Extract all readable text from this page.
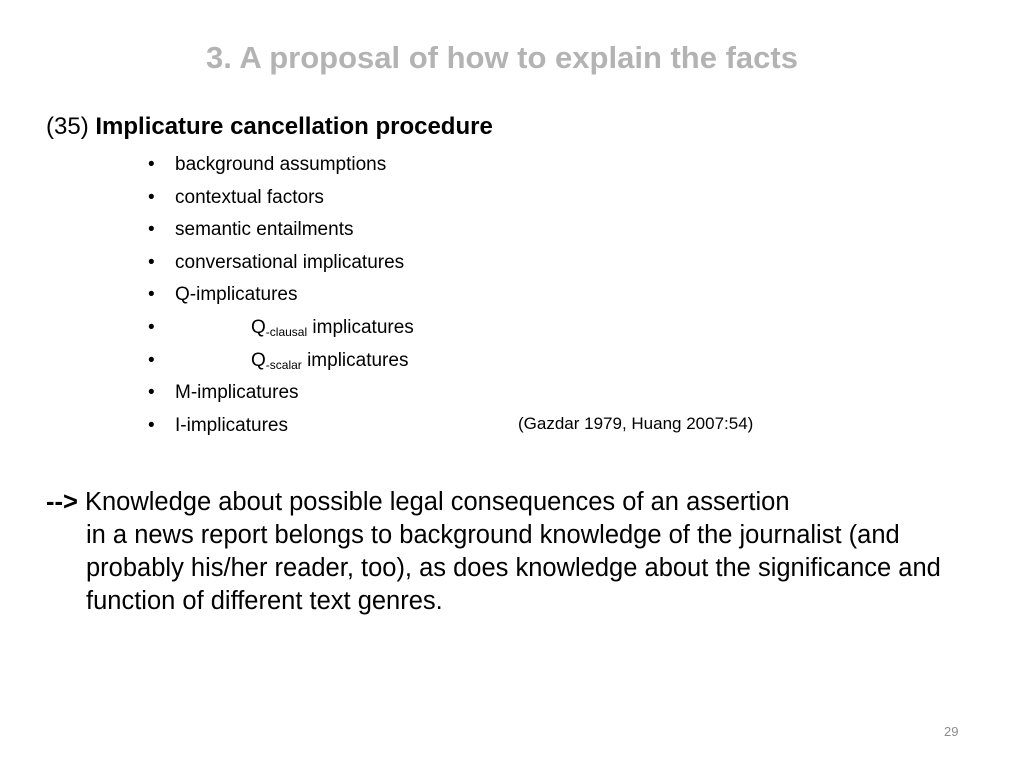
3. A proposal of how to explain the facts
(35) Implicature cancellation procedure
• background assumptions
• contextual factors
• semantic entailments
• conversational implicatures
• Q-implicatures
•	$Q_{-clausal}$ implicatures
•	$Q_{-scalar}$ implicatures
• M-implicatures
• I-implicatures	(Gazdar 1979, Huang 2007:54)
--> Knowledge about possible legal consequences of an assertion
in a news report belongs to background knowledge of the journalist (and probably his/her reader, too), as does knowledge about the significance and function of different text genres.
29
